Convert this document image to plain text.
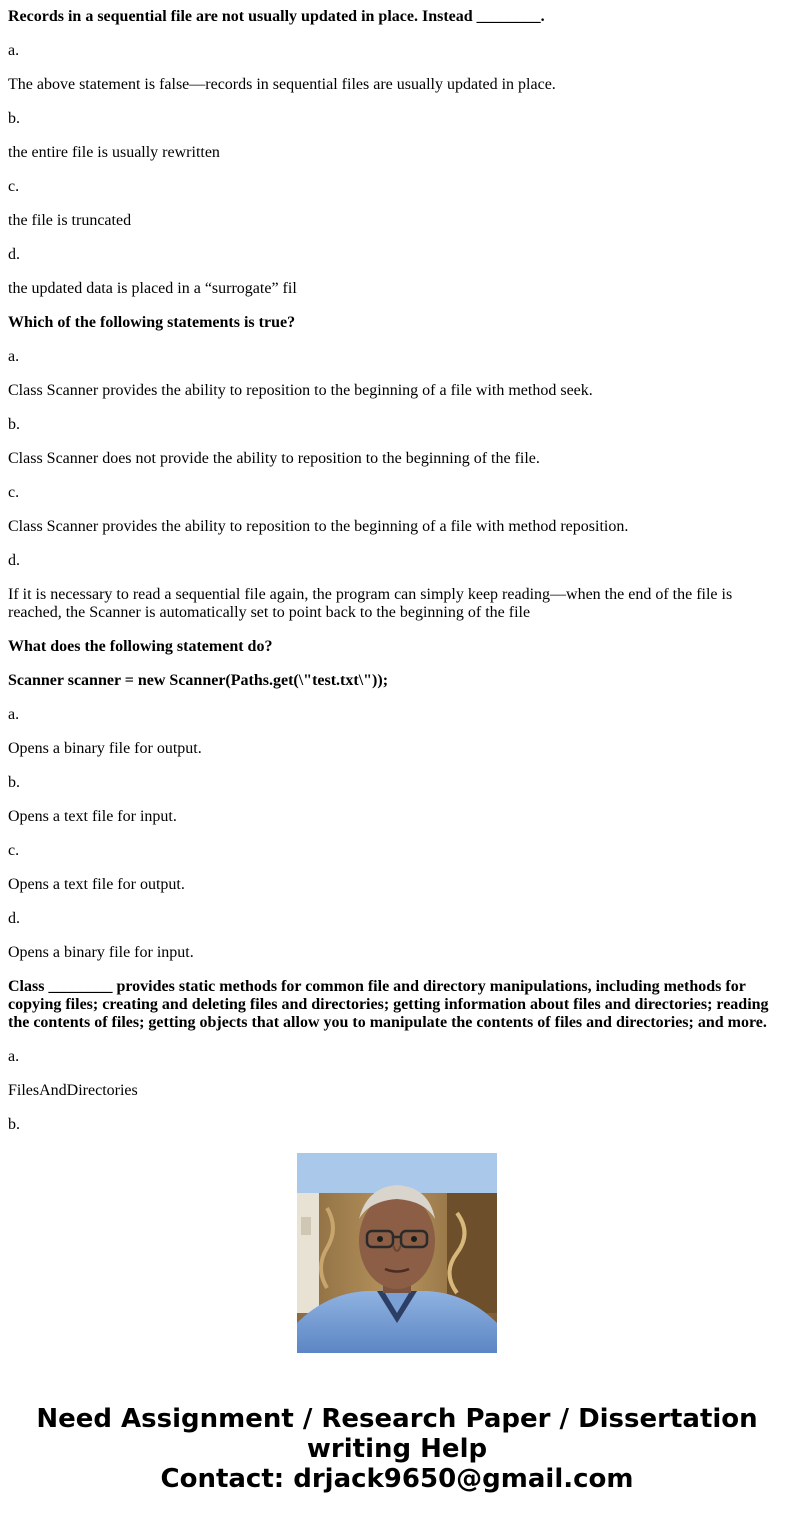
Records in a sequential file are not usually updated in place. Instead ________.

a.

The above statement is false—records in sequential files are usually updated in place.

b.

the entire file is usually rewritten

c.

the file is truncated

d.

the updated data is placed in a “surrogate” fil

Which of the following statements is true?

a.

Class Scanner provides the ability to reposition to the beginning of a file with method seek.

b.

Class Scanner does not provide the ability to reposition to the beginning of the file.

c.

Class Scanner provides the ability to reposition to the beginning of a file with method reposition.

d.

If it is necessary to read a sequential file again, the program can simply keep reading—when the end of the file is reached, the Scanner is automatically set to point back to the beginning of the file

What does the following statement do?

Scanner scanner = new Scanner(Paths.get(\"test.txt\"));

a.

Opens a binary file for output.

b.

Opens a text file for input.

c.

Opens a text file for output.

d.

Opens a binary file for input.

Class ________ provides static methods for common file and directory manipulations, including methods for copying files; creating and deleting files and directories; getting information about files and directories; reading the contents of files; getting objects that allow you to manipulate the contents of files and directories; and more.

a.

FilesAndDirectories

b.

Need Assignment / Research Paper / Dissertation writing Help
Contact: drjack9650@gmail.com
